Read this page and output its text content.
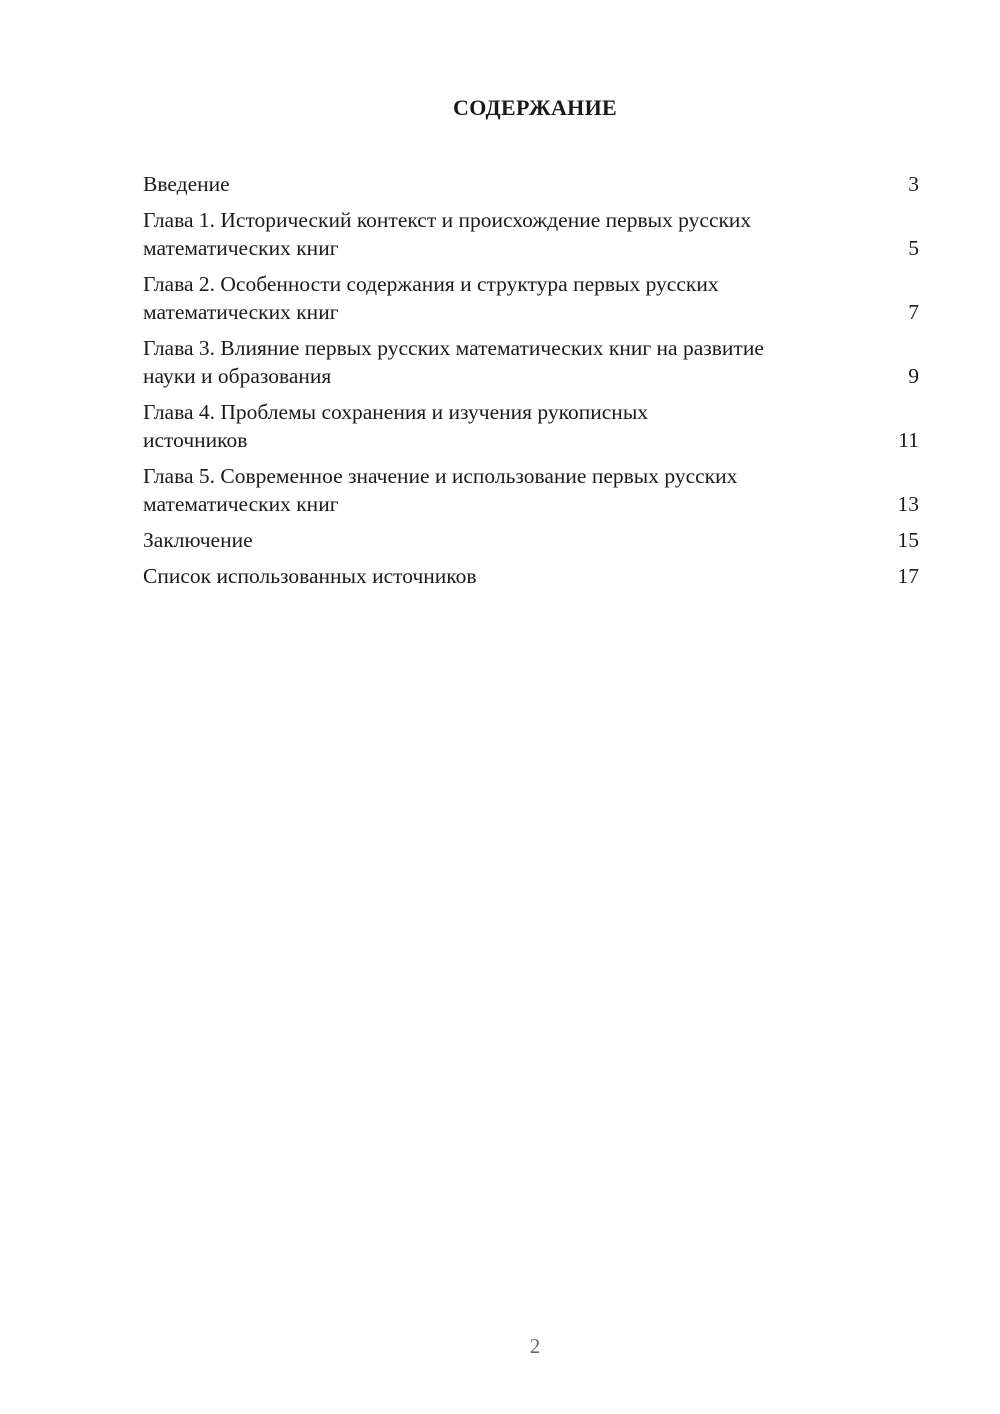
СОДЕРЖАНИЕ
Введение	3
Глава 1. Исторический контекст и происхождение первых русских математических книг	5
Глава 2. Особенности содержания и структура первых русских математических книг	7
Глава 3. Влияние первых русских математических книг на развитие науки и образования	9
Глава 4. Проблемы сохранения и изучения рукописных источников	11
Глава 5. Современное значение и использование первых русских математических книг	13
Заключение	15
Список использованных источников	17
2
